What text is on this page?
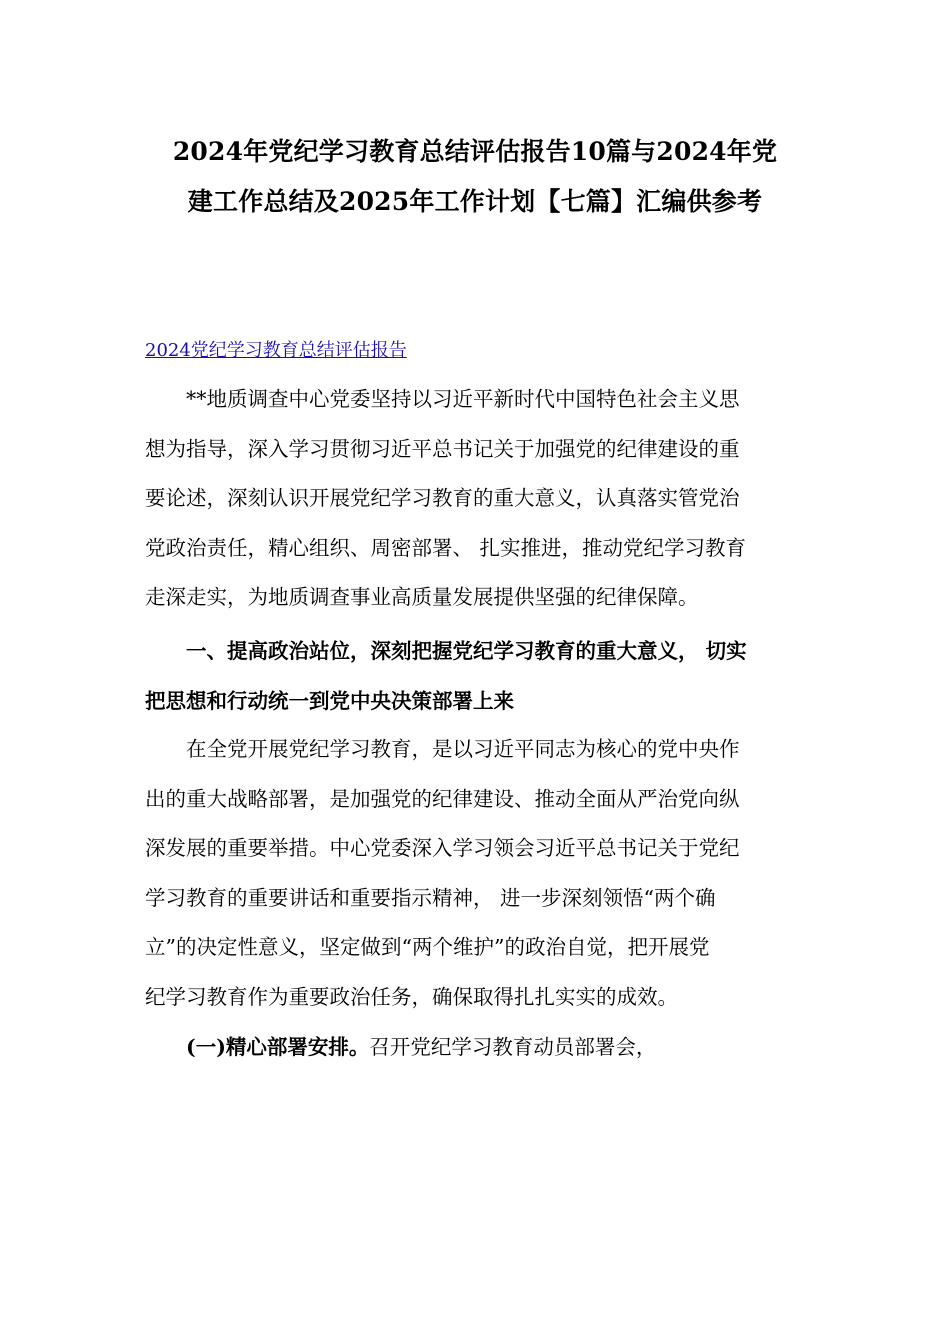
2024年党纪学习教育总结评估报告10篇与2024年党
建工作总结及2025年工作计划【七篇】汇编供参考
2024党纪学习教育总结评估报告
　　**地质调查中心党委坚持以习近平新时代中国特色社会主义思
想为指导，深入学习贯彻习近平总书记关于加强党的纪律建设的重
要论述，深刻认识开展党纪学习教育的重大意义，认真落实管党治
党政治责任，精心组织、周密部署、 扎实推进，推动党纪学习教育
走深走实，为地质调查事业高质量发展提供坚强的纪律保障。
　　一、提高政治站位，深刻把握党纪学习教育的重大意义， 切实
把思想和行动统一到党中央决策部署上来
　　在全党开展党纪学习教育，是以习近平同志为核心的党中央作
出的重大战略部署，是加强党的纪律建设、推动全面从严治党向纵
深发展的重要举措。中心党委深入学习领会习近平总书记关于党纪
学习教育的重要讲话和重要指示精神， 进一步深刻领悟“两个确
立”的决定性意义，坚定做到“两个维护”的政治自觉，把开展党
纪学习教育作为重要政治任务，确保取得扎扎实实的成效。
　　(一)精心部署安排。召开党纪学习教育动员部署会，
